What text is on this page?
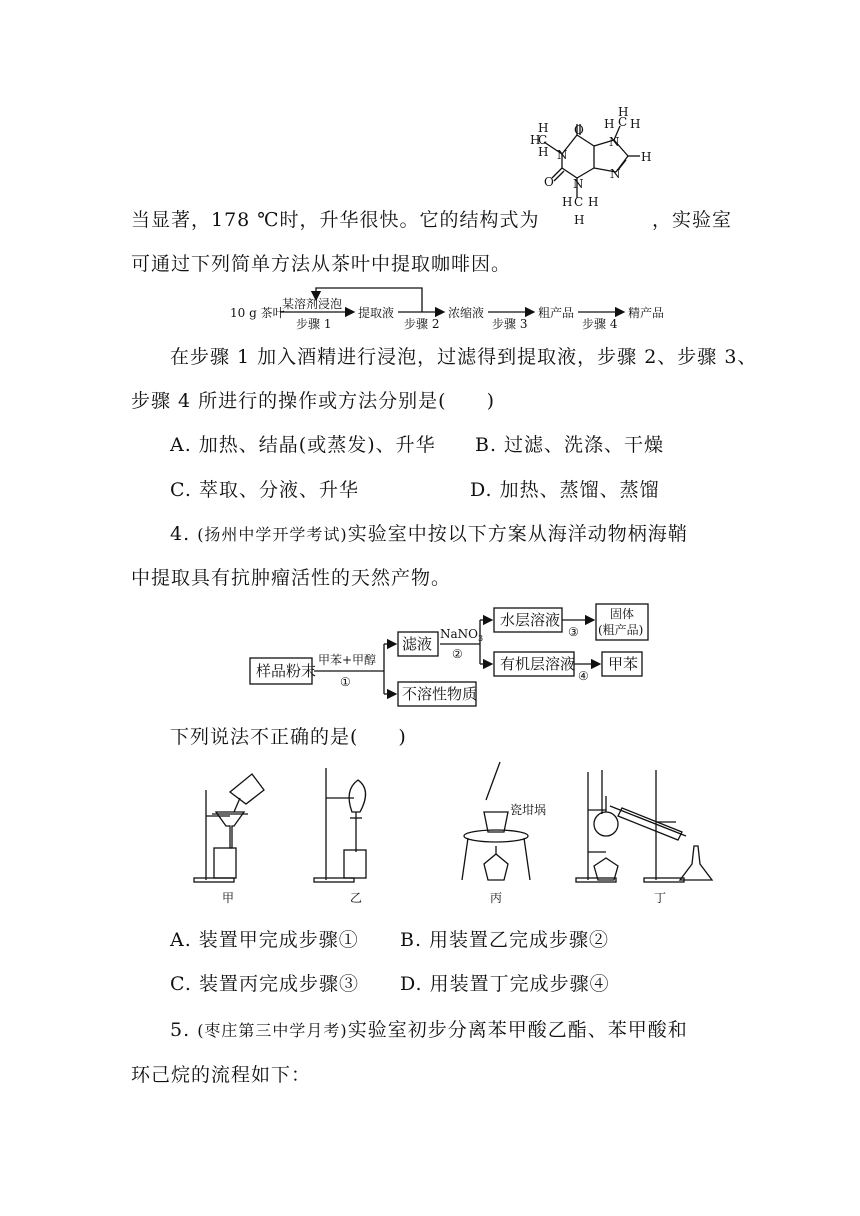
O
N
O N
N
N
C
H
H
H
C
H
H
H
H
C
H H
H
当显著，178 ℃时，升华很快。它的结构式为	，实验室
可通过下列简单方法从茶叶中提取咖啡因。
10 g 茶叶
某溶剂浸泡
步骤 1
提取液
步骤 2
浓缩液
步骤 3
粗产品
步骤 4
精产品
在步骤 1 加入酒精进行浸泡，过滤得到提取液，步骤 2、步骤 3、
步骤 4 所进行的操作或方法分别是(　　)
A. 加热、结晶(或蒸发)、升华 B. 过滤、洗涤、干燥
C. 萃取、分液、升华	D. 加热、蒸馏、蒸馏
4. (扬州中学开学考试)实验室中按以下方案从海洋动物柄海鞘
中提取具有抗肿瘤活性的天然产物。
样品粉末
甲苯+甲醇
①
滤液
不溶性物质
NaNO$_3$
②
水层溶液
③
固体
(粗产品)
有机层溶液
④
甲苯
下列说法不正确的是(　　)
甲	乙	丙
瓷坩埚
丁
A. 装置甲完成步骤① B. 用装置乙完成步骤②
C. 装置丙完成步骤③ D. 用装置丁完成步骤④
5. (枣庄第三中学月考)实验室初步分离苯甲酸乙酯、苯甲酸和
环己烷的流程如下：
